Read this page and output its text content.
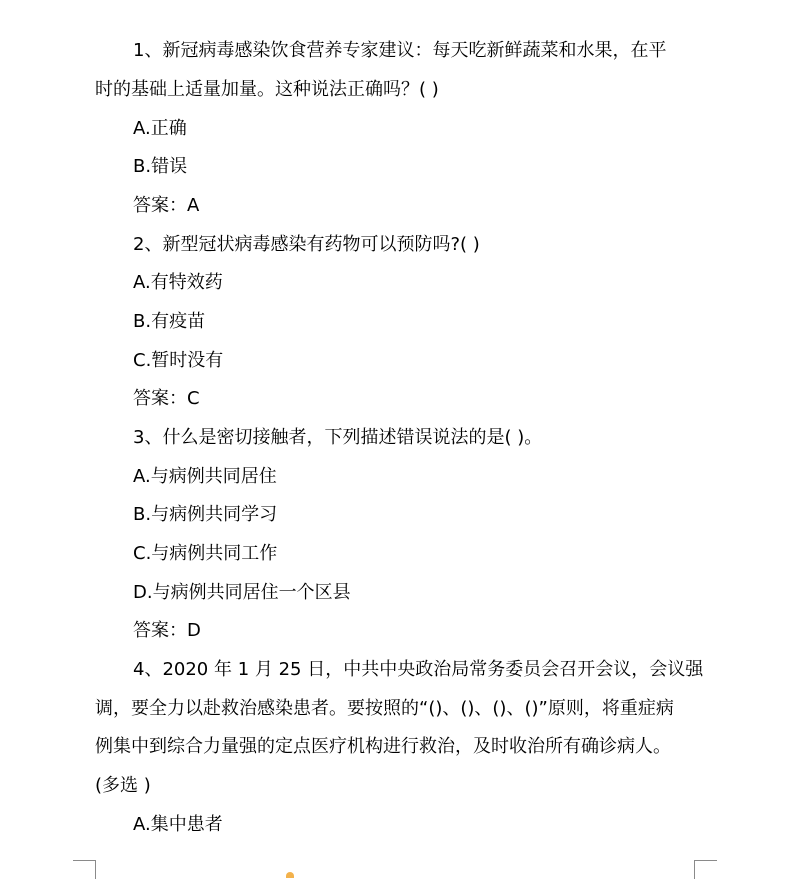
1、新冠病毒感染饮食营养专家建议：每天吃新鲜蔬菜和水果，在平
时的基础上适量加量。这种说法正确吗？( )
A.正确
B.错误
答案：A
2、新型冠状病毒感染有药物可以预防吗?( )
A.有特效药
B.有疫苗
C.暂时没有
答案：C
3、什么是密切接触者，下列描述错误说法的是( )。
A.与病例共同居住
B.与病例共同学习
C.与病例共同工作
D.与病例共同居住一个区县
答案：D
4、2020 年 1 月 25 日，中共中央政治局常务委员会召开会议，会议强
调，要全力以赴救治感染患者。要按照的“()、()、()、()”原则，将重症病
例集中到综合力量强的定点医疗机构进行救治，及时收治所有确诊病人。
(多选 )
A.集中患者
